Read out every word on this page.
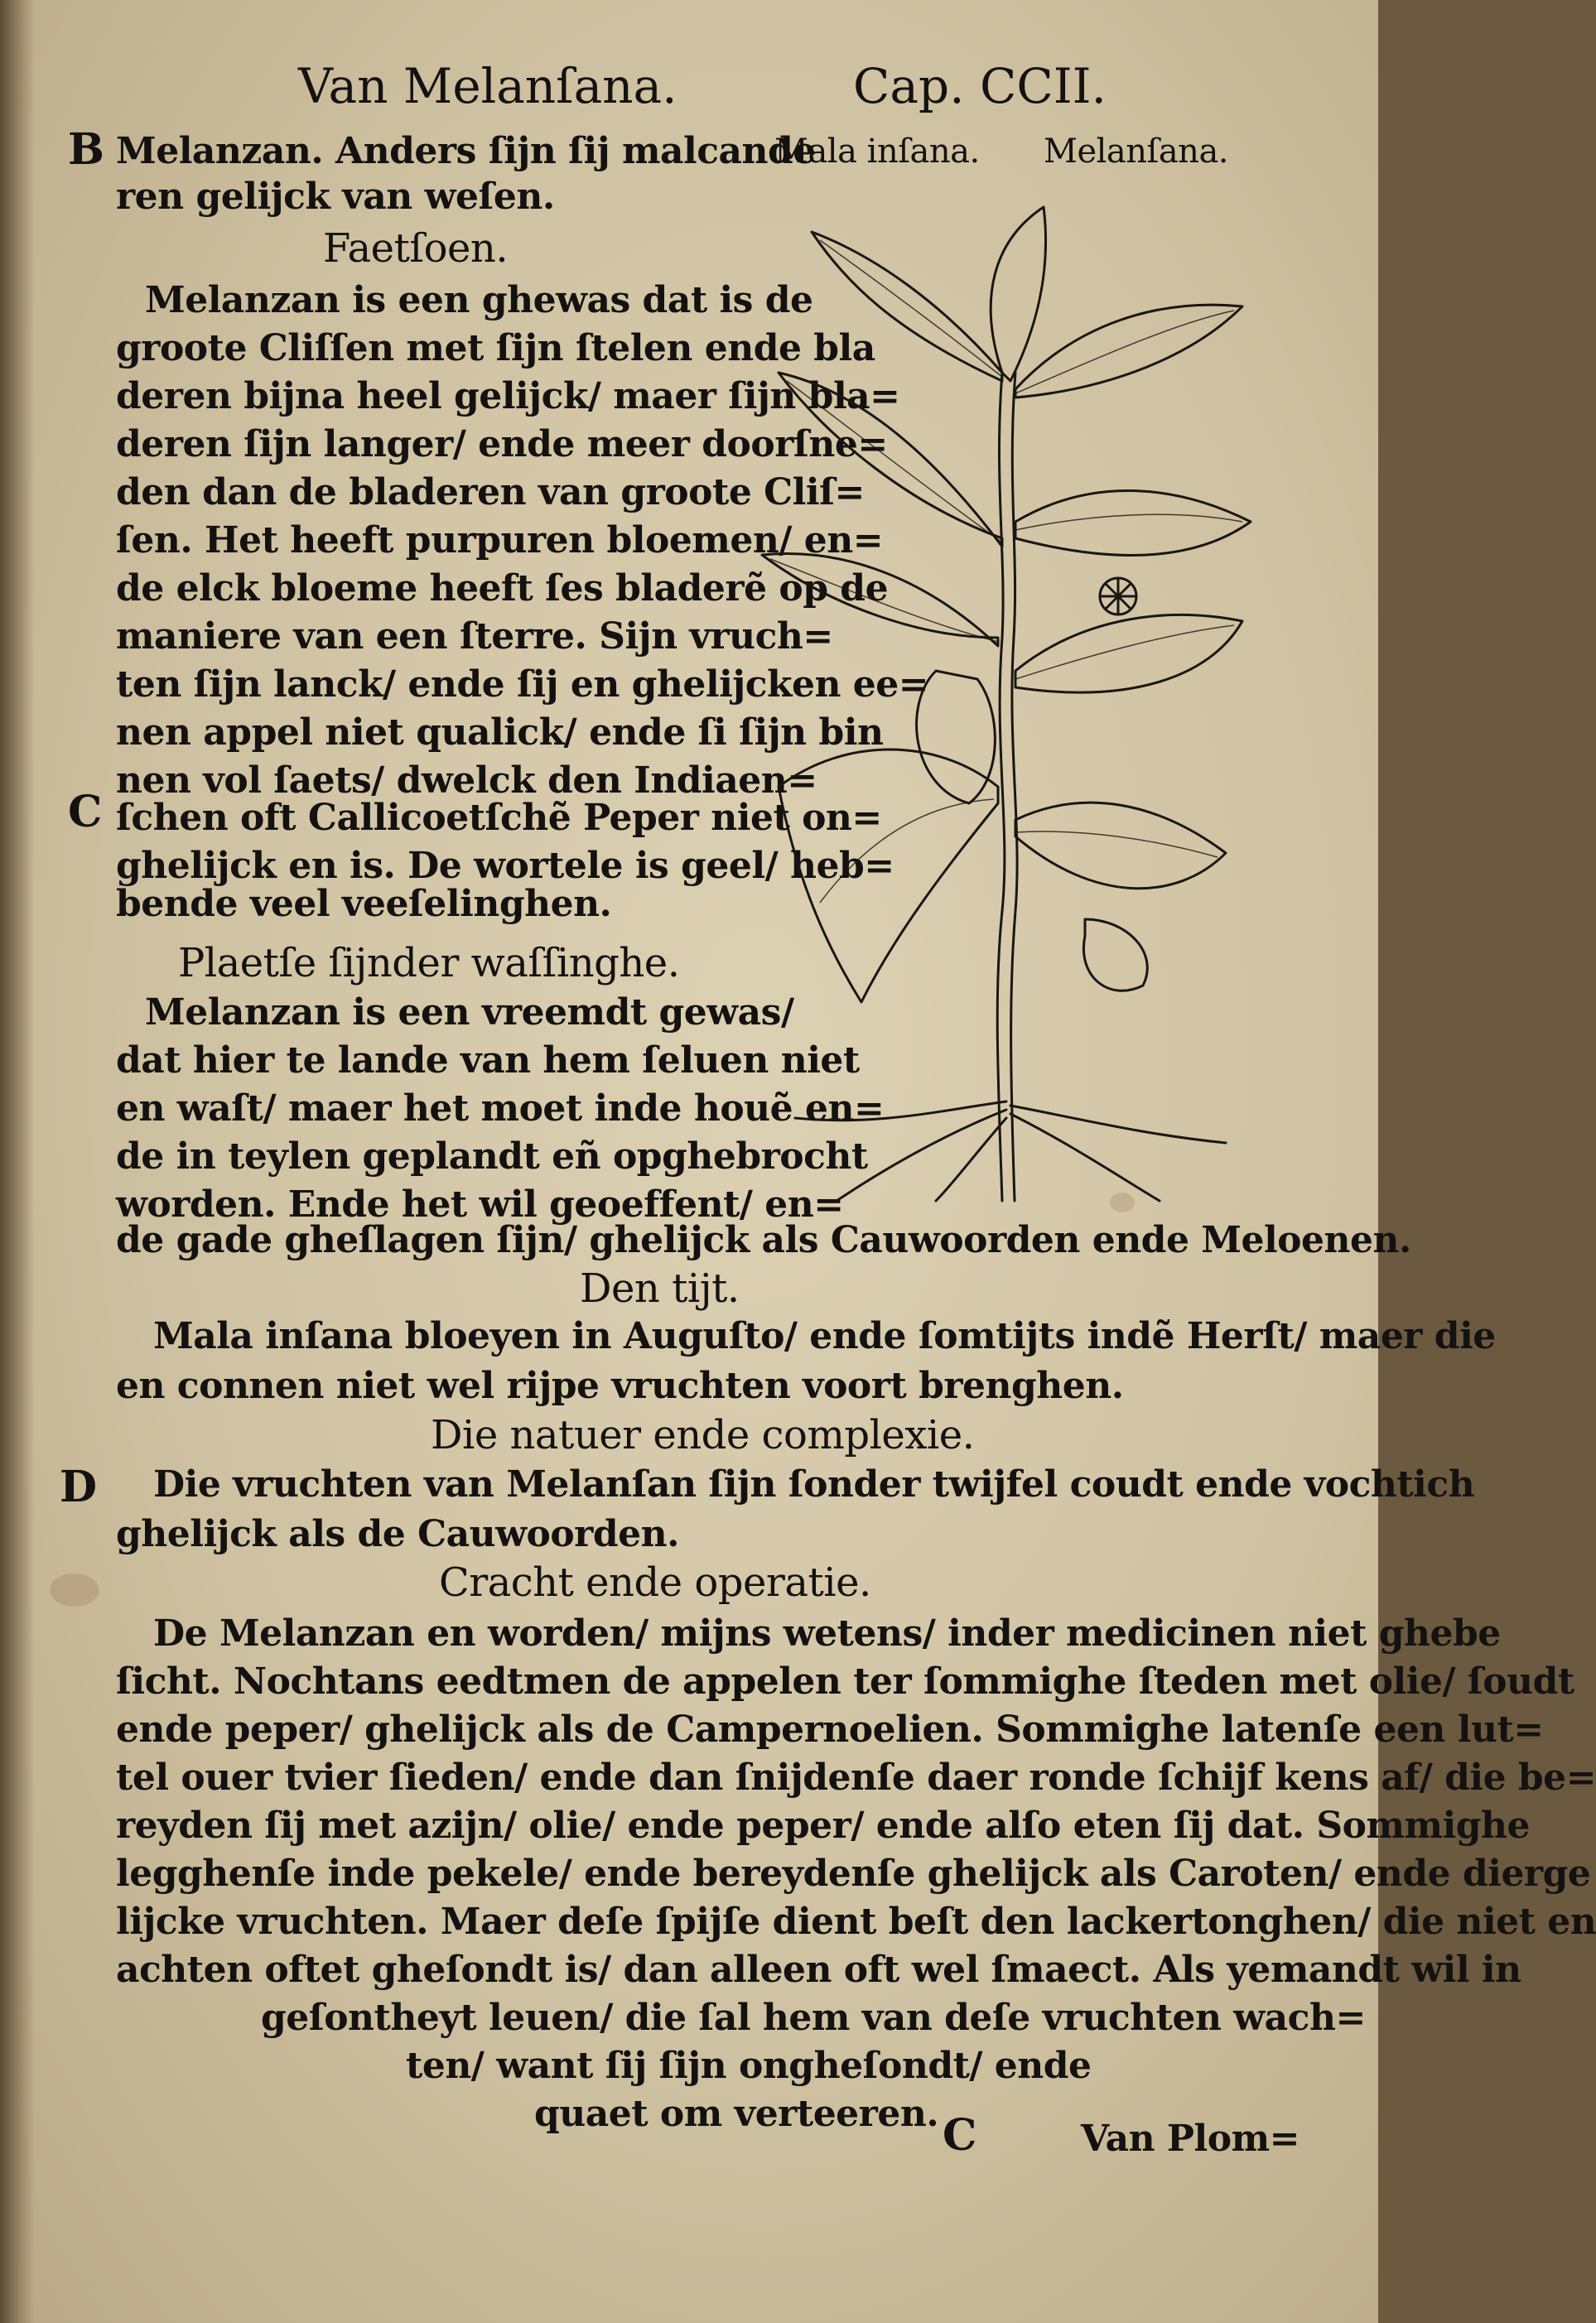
Van Melanſana.	Cap. CCII.
Mala inſana. Melanſana.
B
C
D
C
Melanzan. Anders ſijn ſij malcande
ren gelijck van weſen.
Faetſoen.
Melanzan is een ghewas dat is de
groote Cliſſen met ſijn ſtelen ende bla
deren bijna heel gelijck/ maer ſijn bla=
deren ſijn langer/ ende meer doorſne=
den dan de bladeren van groote Cliſ=
ſen. Het heeft purpuren bloemen/ en=
de elck bloeme heeft ſes bladerẽ op de
maniere van een ſterre. Sijn vruch=
ten ſijn lanck/ ende ſij en ghelijcken ee=
nen appel niet qualick/ ende ſi ſijn bin
nen vol ſaets/ dwelck den Indiaen=
ſchen oft Callicoetſchẽ Peper niet on=
ghelijck en is. De wortele is geel/ heb=
bende veel veeſelinghen.
Plaetſe ſijnder waſſinghe.
Melanzan is een vreemdt gewas/
dat hier te lande van hem ſeluen niet
en waſt/ maer het moet inde houẽ en=
de in teylen geplandt eñ opghebrocht
worden. Ende het wil geoeffent/ en=
de gade gheſlagen ſijn/ ghelijck als Cauwoorden ende Meloenen.
Den tijt.
Mala inſana bloeyen in Auguſto/ ende ſomtijts indẽ Herſt/ maer die
en connen niet wel rijpe vruchten voort brenghen.
Die natuer ende complexie.
Die vruchten van Melanſan ſijn ſonder twijfel coudt ende vochtich
ghelijck als de Cauwoorden.
Cracht ende operatie.
De Melanzan en worden/ mijns wetens/ inder medicinen niet ghebe
ſicht. Nochtans eedtmen de appelen ter ſommighe ſteden met olie/ ſoudt
ende peper/ ghelijck als de Campernoelien. Sommighe latenſe een lut=
tel ouer tvier ſieden/ ende dan ſnijdenſe daer ronde ſchijf kens af/ die be=
reyden ſij met azijn/ olie/ ende peper/ ende alſo eten ſij dat. Sommighe
legghenſe inde pekele/ ende bereydenſe ghelijck als Caroten/ ende dierge
lijcke vruchten. Maer deſe ſpijſe dient beſt den lackertonghen/ die niet en
achten oftet gheſondt is/ dan alleen oft wel ſmaect. Als yemandt wil in
geſontheyt leuen/ die ſal hem van deſe vruchten wach=
ten/ want ſij ſijn ongheſondt/ ende
quaet om verteeren.
Van Plom=
